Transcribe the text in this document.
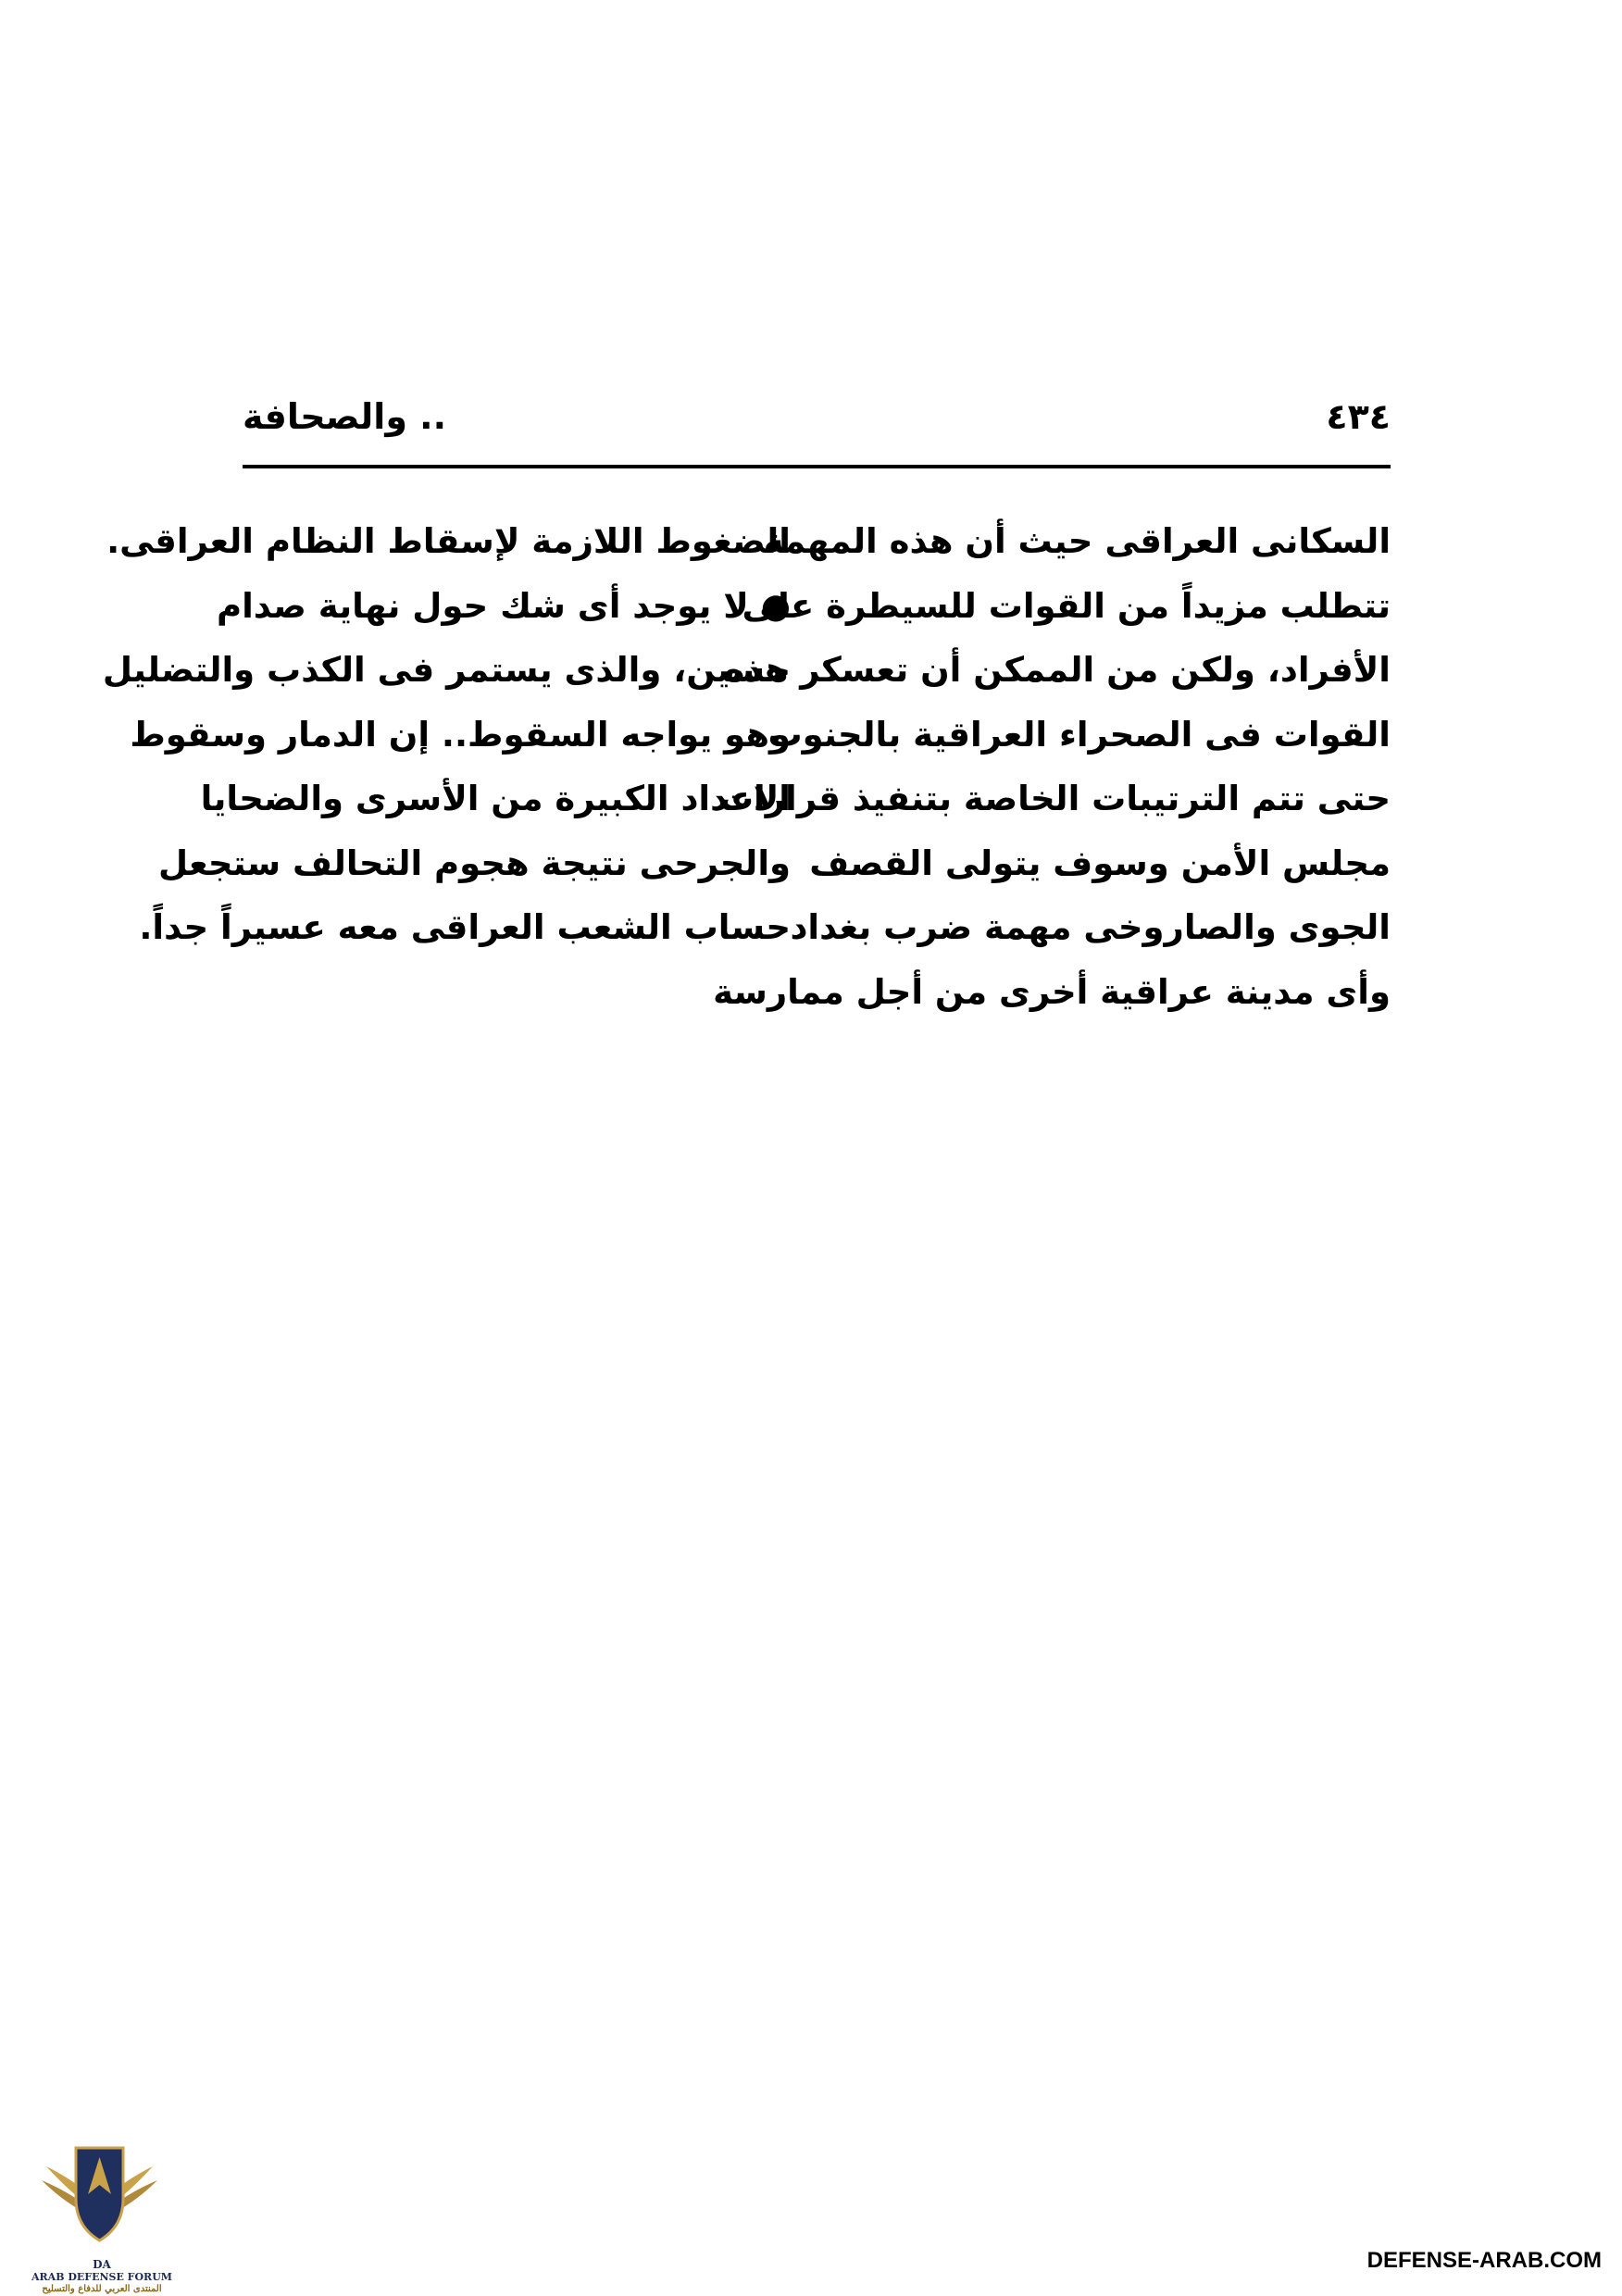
٤٣٤
.. والصحافة
السكانى العراقى حيث أن هذه المهمة
تتطلب مزيداً من القوات للسيطرة على
الأفراد، ولكن من الممكن أن تعسكر هذه
القوات فى الصحراء العراقية بالجنوب
حتى تتم الترتيبات الخاصة بتنفيذ قرارات
مجلس الأمن وسوف يتولى القصف
الجوى والصاروخى مهمة ضرب بغداد
وأى مدينة عراقية أخرى من أجل ممارسة
الضغوط اللازمة لإسقاط النظام العراقى.
● لا يوجد أى شك حول نهاية صدام
حسين، والذى يستمر فى الكذب والتضليل
وهو يواجه السقوط.. إن الدمار وسقوط
الاعداد الكبيرة من الأسرى والضحايا
والجرحى نتيجة هجوم التحالف ستجعل
حساب الشعب العراقى معه عسيراً جداً.
DA
ARAB DEFENSE FORUM
المنتدى العربي للدفاع والتسليح
DEFENSE-ARAB.COM
